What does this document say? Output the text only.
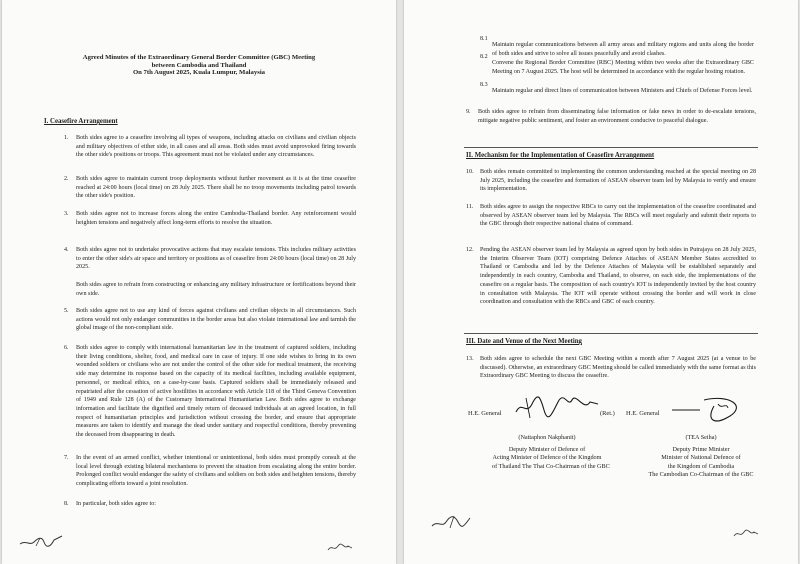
Agreed Minutes of the Extraordinary General Border Committee (GBC) Meeting
between Cambodia and Thailand
On 7th August 2025, Kuala Lumpur, Malaysia
I. Ceasefire Arrangement
1. Both sides agree to a ceasefire involving all types of weapons, including attacks on civilians and civilian objects and military objectives of either side, in all cases and all areas. Both sides must avoid unprovoked firing towards the other side's positions or troops. This agreement must not be violated under any circumstances.

2. Both sides agree to maintain current troop deployments without further movement as it is at the time ceasefire reached at 24:00 hours (local time) on 28 July 2025. There shall be no troop movements including patrol towards the other side's position.

3. Both sides agree not to increase forces along the entire Cambodia-Thailand border. Any reinforcement would heighten tensions and negatively affect long-term efforts to resolve the situation.

4. Both sides agree not to undertake provocative actions that may escalate tensions. This includes military activities to enter the other side's air space and territory or positions as of ceasefire from 24:00 hours (local time) on 28 July 2025.

Both sides agree to refrain from constructing or enhancing any military infrastructure or fortifications beyond their own side.

5. Both sides agree not to use any kind of forces against civilians and civilian objects in all circumstances. Such actions would not only endanger communities in the border areas but also violate international law and tarnish the global image of the non-compliant side.

6. Both sides agree to comply with international humanitarian law in the treatment of captured soldiers, including their living conditions, shelter, food, and medical care in case of injury. If one side wishes to bring in its own wounded soldiers or civilians who are not under the control of the other side for medical treatment, the receiving side may determine its response based on the capacity of its medical facilities, including available equipment, personnel, or medical ethics, on a case-by-case basis. Captured soldiers shall be immediately released and repatriated after the cessation of active hostilities in accordance with Article 118 of the Third Geneva Convention of 1949 and Rule 128 (A) of the Customary International Humanitarian Law. Both sides agree to exchange information and facilitate the dignified and timely return of deceased individuals at an agreed location, in full respect of humanitarian principles and jurisdiction without crossing the border, and ensure that appropriate measures are taken to identify and manage the dead under sanitary and respectful conditions, thereby preventing the deceased from disappearing in death.

7. In the event of an armed conflict, whether intentional or unintentional, both sides must promptly consult at the local level through existing bilateral mechanisms to prevent the situation from escalating along the entire border. Prolonged conflict would endanger the safety of civilians and soldiers on both sides and heighten tensions, thereby complicating efforts toward a joint resolution.

8. In particular, both sides agree to:

8.1

Maintain regular communications between all army areas and military regions and units along the border of both sides and strive to solve all issues peacefully and avoid clashes.

8.2

Convene the Regional Border Committee (RBC) Meeting within two weeks after the Extraordinary GBC Meeting on 7 August 2025. The host will be determined in accordance with the regular hosting rotation.

8.3

Maintain regular and direct lines of communication between Ministers and Chiefs of Defense Forces level.

9. Both sides agree to refrain from disseminating false information or fake news in order to de-escalate tensions, mitigate negative public sentiment, and foster an environment conducive to peaceful dialogue.

II. Mechanism for the Implementation of Ceasefire Arrangement
10. Both sides remain committed to implementing the common understanding reached at the special meeting on 28 July 2025, including the ceasefire and formation of ASEAN observer team led by Malaysia to verify and ensure its implementation.

11. Both sides agree to assign the respective RBCs to carry out the implementation of the ceasefire coordinated and observed by ASEAN observer team led by Malaysia. The RBCs will meet regularly and submit their reports to the GBC through their respective national chains of command.

12. Pending the ASEAN observer team led by Malaysia as agreed upon by both sides in Putrajaya on 28 July 2025, the Interim Observer Team (IOT) comprising Defence Attaches of ASEAN Member States accredited to Thailand or Cambodia and led by the Defence Attaches of Malaysia will be established separately and independently in each country, Cambodia and Thailand, to observe, on each side, the implementations of the ceasefire on a regular basis. The composition of each country's IOT is independently invited by the host country in consultation with Malaysia. The IOT will operate without crossing the border and will work in close coordination and consultation with the RBCs and GBC of each country.

III. Date and Venue of the Next Meeting
13. Both sides agree to schedule the next GBC Meeting within a month after 7 August 2025 (at a venue to be discussed). Otherwise, an extraordinary GBC Meeting should be called immediately with the same format as this Extraordinary GBC Meeting to discuss the ceasefire.

H.E. General	(Ret.) H.E. General
(Nattaphon Nakphanit)
Deputy Minister of Defence of
Acting Minister of Defence of the Kingdom
of Thailand The Thai Co-Chairman of the GBC
(TEA Seiha)
Deputy Prime Minister
Minister of National Defence of
the Kingdom of Cambodia
The Cambodian Co-Chairman of the GBC
